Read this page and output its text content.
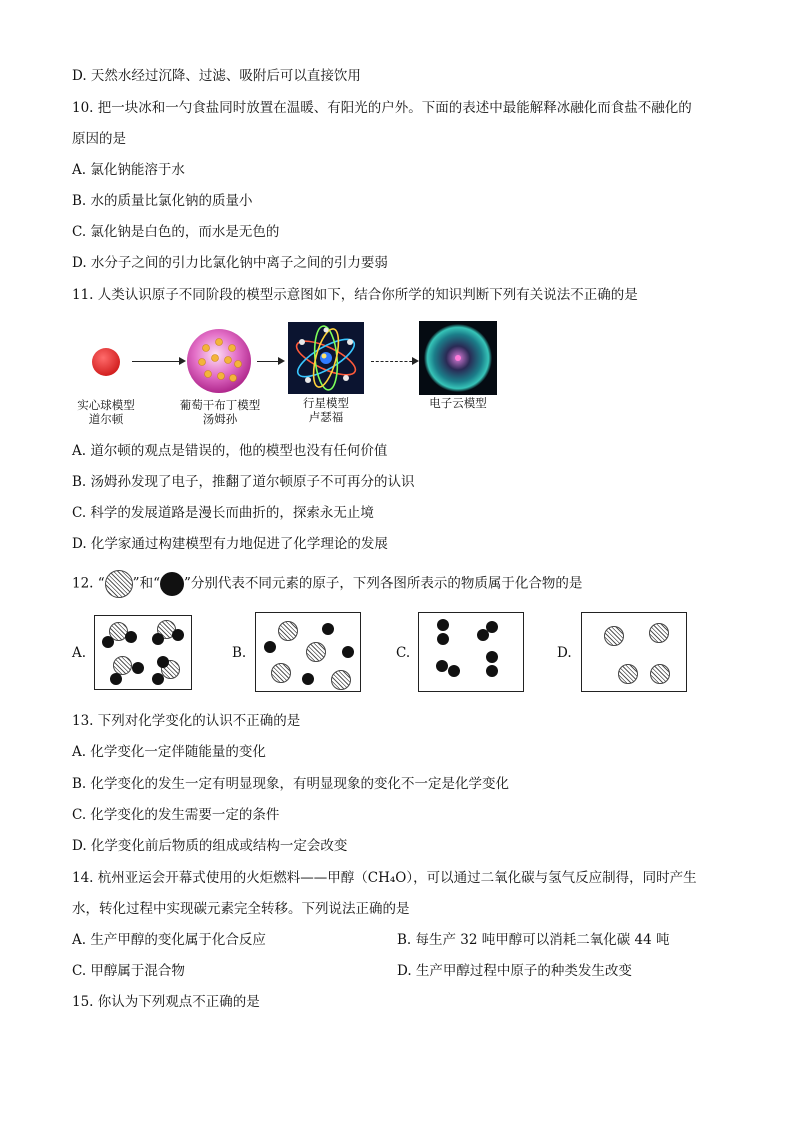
D. 天然水经过沉降、过滤、吸附后可以直接饮用
10. 把一块冰和一勺食盐同时放置在温暖、有阳光的户外。下面的表述中最能解释冰融化而食盐不融化的
原因的是
A. 氯化钠能溶于水
B. 水的质量比氯化钠的质量小
C. 氯化钠是白色的，而水是无色的
D. 水分子之间的引力比氯化钠中离子之间的引力要弱
11. 人类认识原子不同阶段的模型示意图如下，结合你所学的知识判断下列有关说法不正确的是
实心球模型
道尔顿
葡萄干布丁模型
汤姆孙
行星模型
卢瑟福
电子云模型
A. 道尔顿的观点是错误的，他的模型也没有任何价值
B. 汤姆孙发现了电子，推翻了道尔顿原子不可再分的认识
C. 科学的发展道路是漫长而曲折的，探索永无止境
D. 化学家通过构建模型有力地促进了化学理论的发展
12. “ ”和“ ”分别代表不同元素的原子，下列各图所表示的物质属于化合物的是
A.	B.	C.	D.
13. 下列对化学变化的认识不正确的是
A. 化学变化一定伴随能量的变化
B. 化学变化的发生一定有明显现象，有明显现象的变化不一定是化学变化
C. 化学变化的发生需要一定的条件
D. 化学变化前后物质的组成或结构一定会改变
14. 杭州亚运会开幕式使用的火炬燃料——甲醇（CH₄O），可以通过二氧化碳与氢气反应制得，同时产生
水，转化过程中实现碳元素完全转移。下列说法正确的是
A. 生产甲醇的变化属于化合反应	B. 每生产 32 吨甲醇可以消耗二氧化碳 44 吨
C. 甲醇属于混合物	D. 生产甲醇过程中原子的种类发生改变
15. 你认为下列观点不正确的是
